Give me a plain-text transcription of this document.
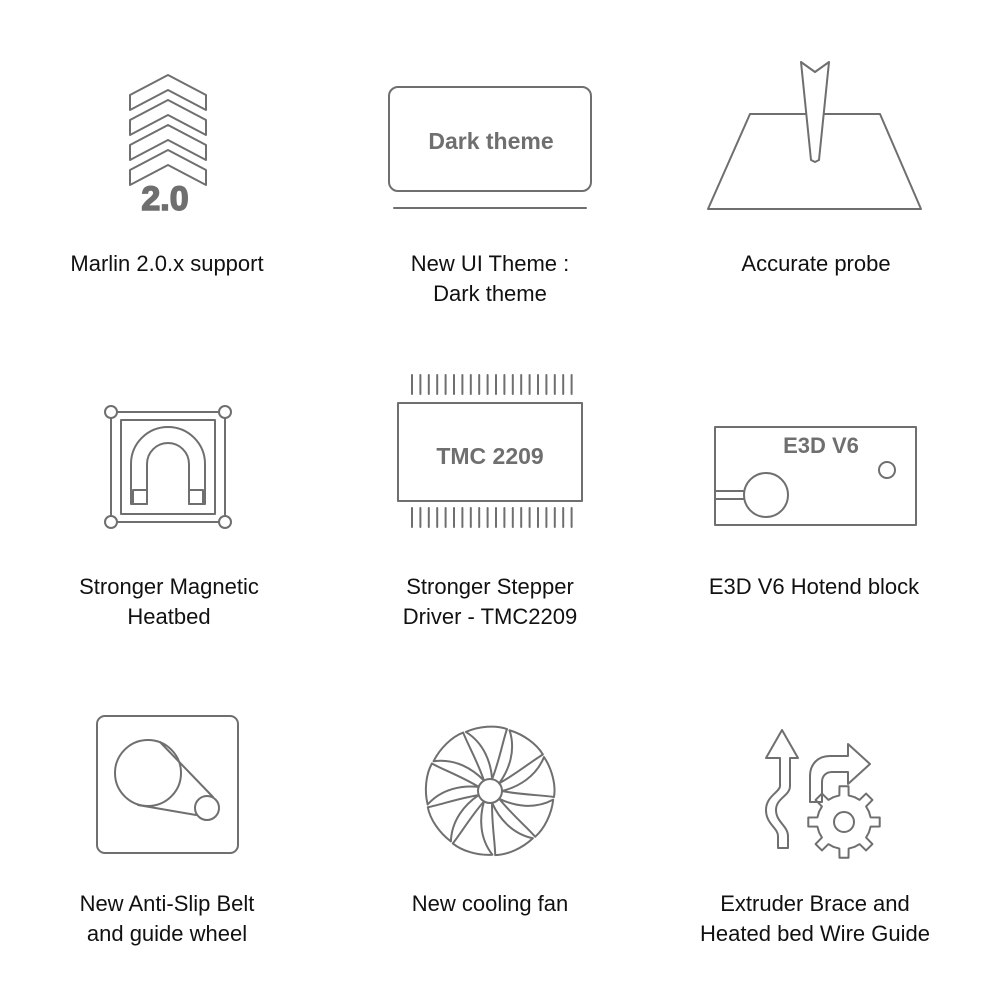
2.0
Marlin 2.0.x support
Dark theme
New UI Theme :
Dark theme
Accurate probe
Stronger Magnetic
Heatbed
TMC 2209
Stronger Stepper
Driver - TMC2209
E3D V6
E3D V6 Hotend block
New Anti-Slip Belt
and guide wheel
New cooling fan	Extruder Brace and
Heated bed Wire Guide
